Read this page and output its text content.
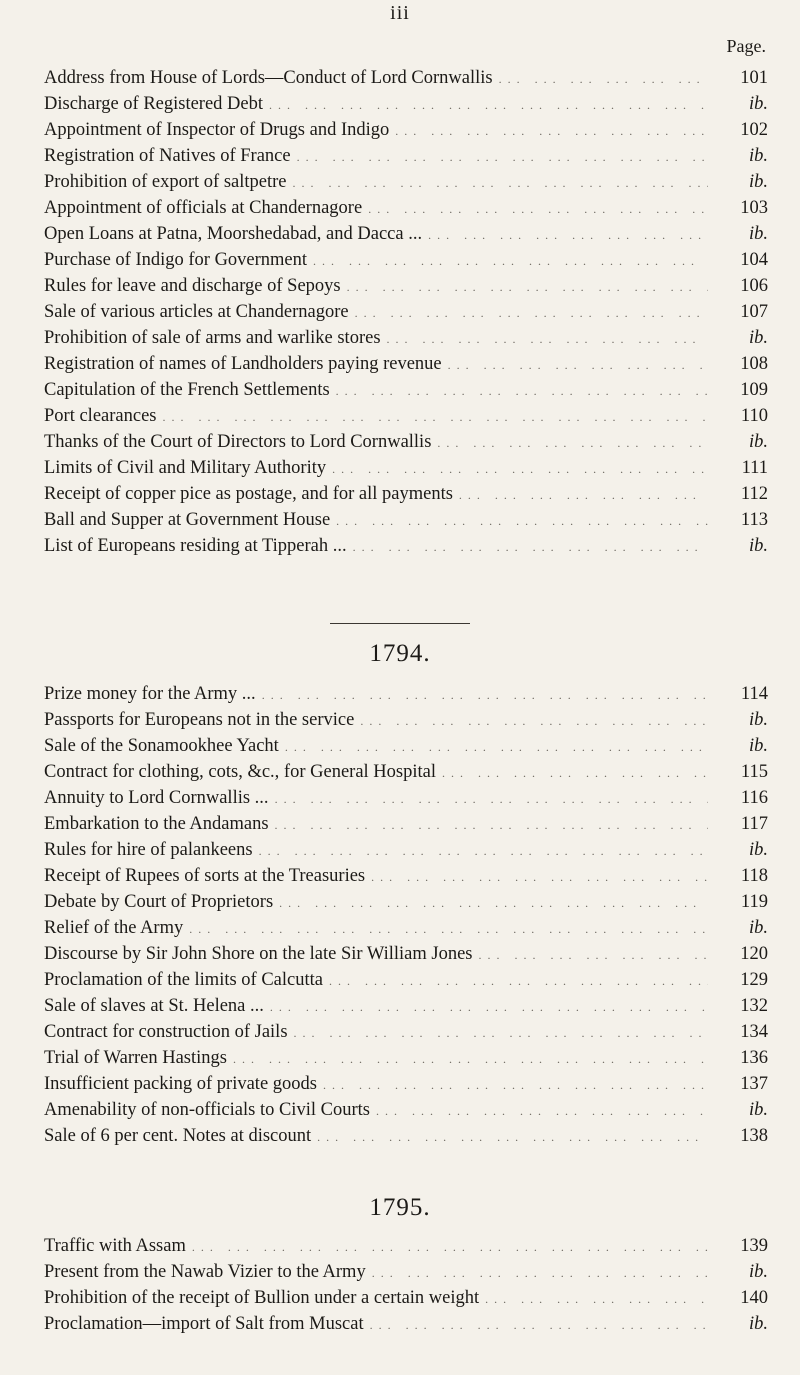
iii
Page.
Address from House of Lords—Conduct of Lord Cornwallis ... .	101
Discharge of Registered Debt ... .	ib.
Appointment of Inspector of Drugs and Indigo ... .	102
Registration of Natives of France ... .	ib.
Prohibition of export of saltpetre ... .	ib.
Appointment of officials at Chandernagore ... .	103
Open Loans at Patna, Moorshedabad, and Dacca ... ... .	ib.
Purchase of Indigo for Government ... .	104
Rules for leave and discharge of Sepoys ... .	106
Sale of various articles at Chandernagore ... .	107
Prohibition of sale of arms and warlike stores ... .	ib.
Registration of names of Landholders paying revenue ... .	108
Capitulation of the French Settlements ... .	109
Port clearances ... .	110
Thanks of the Court of Directors to Lord Cornwallis ... .	ib.
Limits of Civil and Military Authority ... .	111
Receipt of copper pice as postage, and for all payments ... .	112
Ball and Supper at Government House ... .	113
List of Europeans residing at Tipperah ... ... .	ib.
1794.
Prize money for the Army ... ... .	114
Passports for Europeans not in the service ... .	ib.
Sale of the Sonamookhee Yacht ... .	ib.
Contract for clothing, cots, &c., for General Hospital ... .	115
Annuity to Lord Cornwallis ... ... .	116
Embarkation to the Andamans ... .	117
Rules for hire of palankeens ... .	ib.
Receipt of Rupees of sorts at the Treasuries ... .	118
Debate by Court of Proprietors ... .	119
Relief of the Army ... .	ib.
Discourse by Sir John Shore on the late Sir William Jones ... .	120
Proclamation of the limits of Calcutta ... .	129
Sale of slaves at St. Helena ... ... .	132
Contract for construction of Jails ... .	134
Trial of Warren Hastings ... .	136
Insufficient packing of private goods ... .	137
Amenability of non-officials to Civil Courts ... .	ib.
Sale of 6 per cent. Notes at discount ... .	138
1795.
Traffic with Assam ... .	139
Present from the Nawab Vizier to the Army ... .	ib.
Prohibition of the receipt of Bullion under a certain weight ... .	140
Proclamation—import of Salt from Muscat ... .	ib.
